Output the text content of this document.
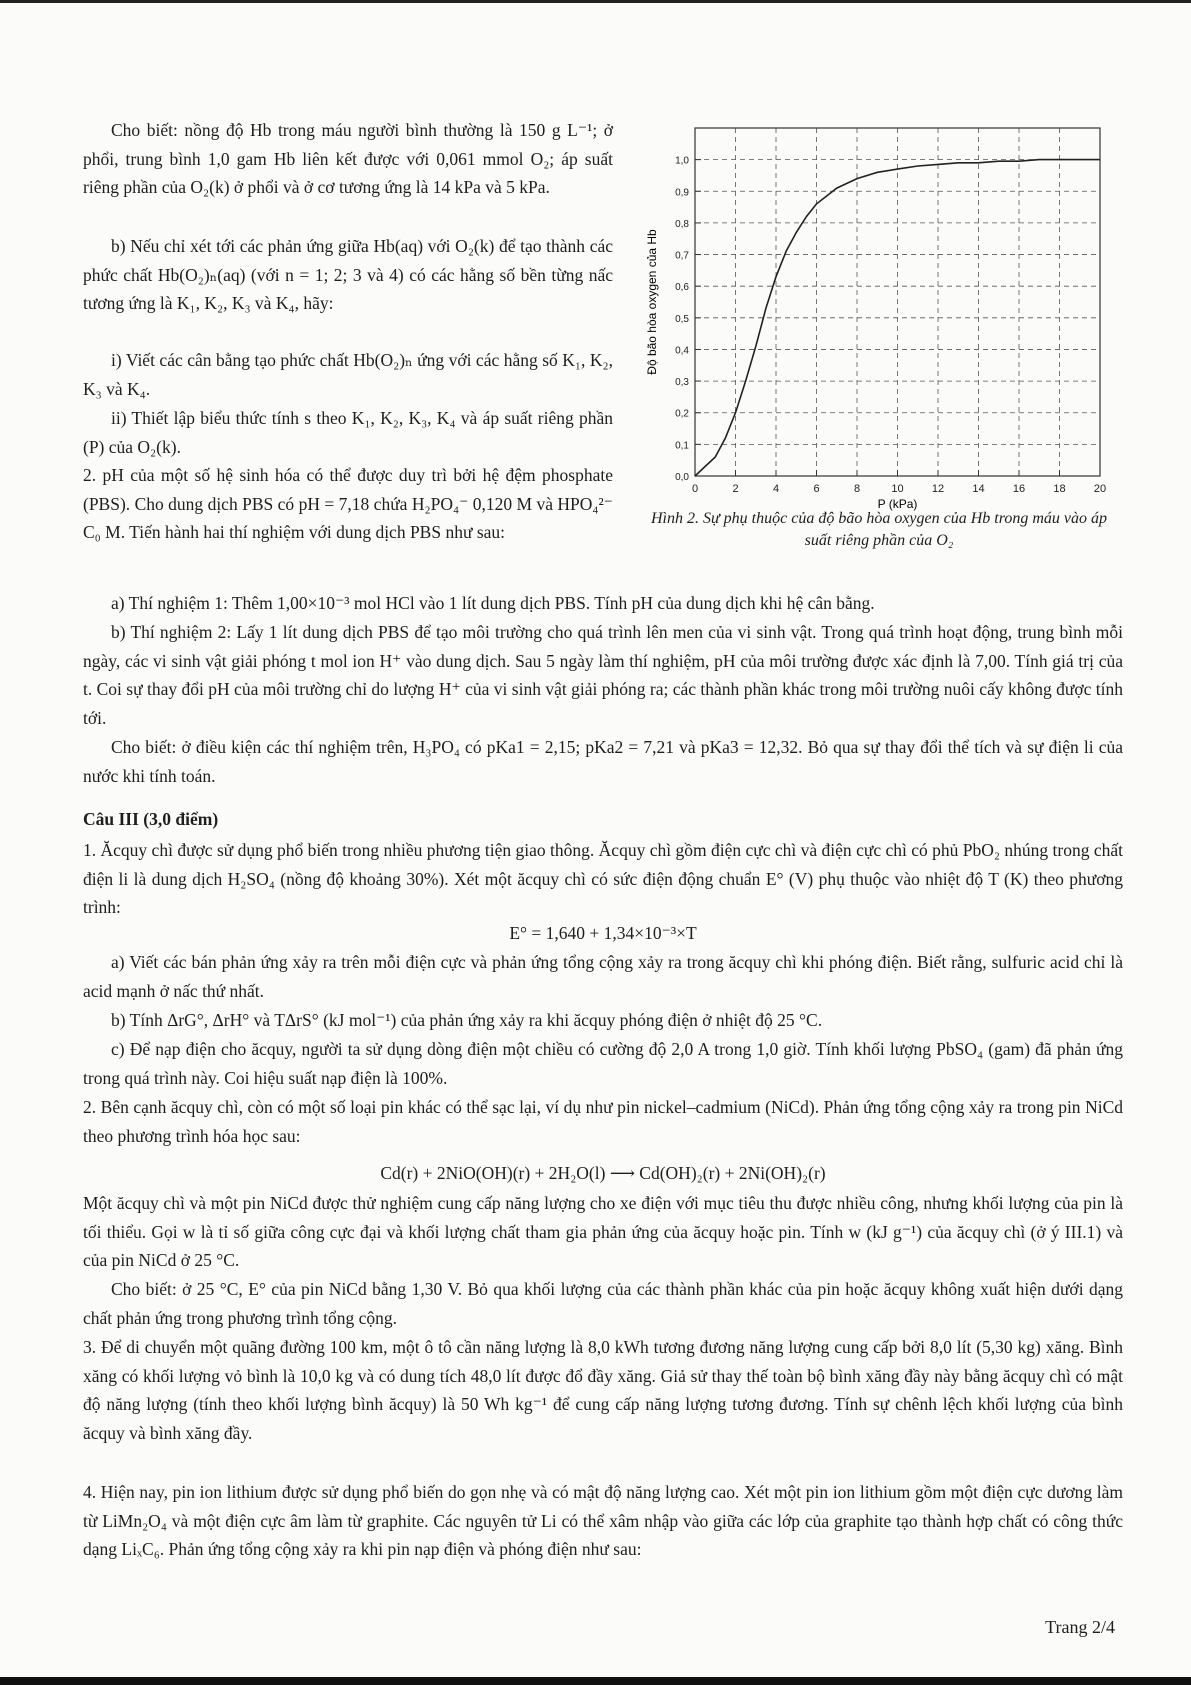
Cho biết: nồng độ Hb trong máu người bình thường là 150 g L⁻¹; ở phổi, trung bình 1,0 gam Hb liên kết được với 0,061 mmol O₂; áp suất riêng phần của O₂(k) ở phổi và ở cơ tương ứng là 14 kPa và 5 kPa.

b) Nếu chỉ xét tới các phản ứng giữa Hb(aq) với O₂(k) để tạo thành các phức chất Hb(O₂)ₙ(aq) (với n = 1; 2; 3 và 4) có các hằng số bền từng nấc tương ứng là K₁, K₂, K₃ và K₄, hãy:

i) Viết các cân bằng tạo phức chất Hb(O₂)ₙ ứng với các hằng số K₁, K₂, K₃ và K₄.

ii) Thiết lập biểu thức tính s theo K₁, K₂, K₃, K₄ và áp suất riêng phần (P) của O₂(k).

2. pH của một số hệ sinh hóa có thể được duy trì bởi hệ đệm phosphate (PBS). Cho dung dịch PBS có pH = 7,18 chứa H₂PO₄⁻ 0,120 M và HPO₄²⁻ C₀ M. Tiến hành hai thí nghiệm với dung dịch PBS như sau:

0	2	4	6	8	10	12	14	16	18	20
0,0
0,1
0,2
0,3
0,4
0,5
0,6
0,7
0,8
0,9
1,0
P (kPa)
Độ bão hòa oxygen của Hb

Hình 2. Sự phụ thuộc của độ bão hòa oxygen của Hb trong máu vào áp suất riêng phần của O₂

a) Thí nghiệm 1: Thêm 1,00×10⁻³ mol HCl vào 1 lít dung dịch PBS. Tính pH của dung dịch khi hệ cân bằng.

b) Thí nghiệm 2: Lấy 1 lít dung dịch PBS để tạo môi trường cho quá trình lên men của vi sinh vật. Trong quá trình hoạt động, trung bình mỗi ngày, các vi sinh vật giải phóng t mol ion H⁺ vào dung dịch. Sau 5 ngày làm thí nghiệm, pH của môi trường được xác định là 7,00. Tính giá trị của t. Coi sự thay đổi pH của môi trường chỉ do lượng H⁺ của vi sinh vật giải phóng ra; các thành phần khác trong môi trường nuôi cấy không được tính tới.

Cho biết: ở điều kiện các thí nghiệm trên, H₃PO₄ có pKa1 = 2,15; pKa2 = 7,21 và pKa3 = 12,32. Bỏ qua sự thay đổi thể tích và sự điện li của nước khi tính toán.

Câu III (3,0 điểm)

1. Ăcquy chì được sử dụng phổ biến trong nhiều phương tiện giao thông. Ăcquy chì gồm điện cực chì và điện cực chì có phủ PbO₂ nhúng trong chất điện li là dung dịch H₂SO₄ (nồng độ khoảng 30%). Xét một ăcquy chì có sức điện động chuẩn E° (V) phụ thuộc vào nhiệt độ T (K) theo phương trình:

E° = 1,640 + 1,34×10⁻³×T

a) Viết các bán phản ứng xảy ra trên mỗi điện cực và phản ứng tổng cộng xảy ra trong ăcquy chì khi phóng điện. Biết rằng, sulfuric acid chỉ là acid mạnh ở nấc thứ nhất.

b) Tính ΔrG°, ΔrH° và TΔrS° (kJ mol⁻¹) của phản ứng xảy ra khi ăcquy phóng điện ở nhiệt độ 25 °C.

c) Để nạp điện cho ăcquy, người ta sử dụng dòng điện một chiều có cường độ 2,0 A trong 1,0 giờ. Tính khối lượng PbSO₄ (gam) đã phản ứng trong quá trình này. Coi hiệu suất nạp điện là 100%.

2. Bên cạnh ăcquy chì, còn có một số loại pin khác có thể sạc lại, ví dụ như pin nickel–cadmium (NiCd). Phản ứng tổng cộng xảy ra trong pin NiCd theo phương trình hóa học sau:

Cd(r) + 2NiO(OH)(r) + 2H₂O(l) ⟶ Cd(OH)₂(r) + 2Ni(OH)₂(r)

Một ăcquy chì và một pin NiCd được thử nghiệm cung cấp năng lượng cho xe điện với mục tiêu thu được nhiều công, nhưng khối lượng của pin là tối thiểu. Gọi w là tỉ số giữa công cực đại và khối lượng chất tham gia phản ứng của ăcquy hoặc pin. Tính w (kJ g⁻¹) của ăcquy chì (ở ý III.1) và của pin NiCd ở 25 °C.

Cho biết: ở 25 °C, E° của pin NiCd bằng 1,30 V. Bỏ qua khối lượng của các thành phần khác của pin hoặc ăcquy không xuất hiện dưới dạng chất phản ứng trong phương trình tổng cộng.

3. Để di chuyển một quãng đường 100 km, một ô tô cần năng lượng là 8,0 kWh tương đương năng lượng cung cấp bởi 8,0 lít (5,30 kg) xăng. Bình xăng có khối lượng vỏ bình là 10,0 kg và có dung tích 48,0 lít được đổ đầy xăng. Giả sử thay thế toàn bộ bình xăng đầy này bằng ăcquy chì có mật độ năng lượng (tính theo khối lượng bình ăcquy) là 50 Wh kg⁻¹ để cung cấp năng lượng tương đương. Tính sự chênh lệch khối lượng của bình ăcquy và bình xăng đầy.

4. Hiện nay, pin ion lithium được sử dụng phổ biến do gọn nhẹ và có mật độ năng lượng cao. Xét một pin ion lithium gồm một điện cực dương làm từ LiMn₂O₄ và một điện cực âm làm từ graphite. Các nguyên tử Li có thể xâm nhập vào giữa các lớp của graphite tạo thành hợp chất có công thức dạng LiₓC₆. Phản ứng tổng cộng xảy ra khi pin nạp điện và phóng điện như sau:

Trang 2/4
